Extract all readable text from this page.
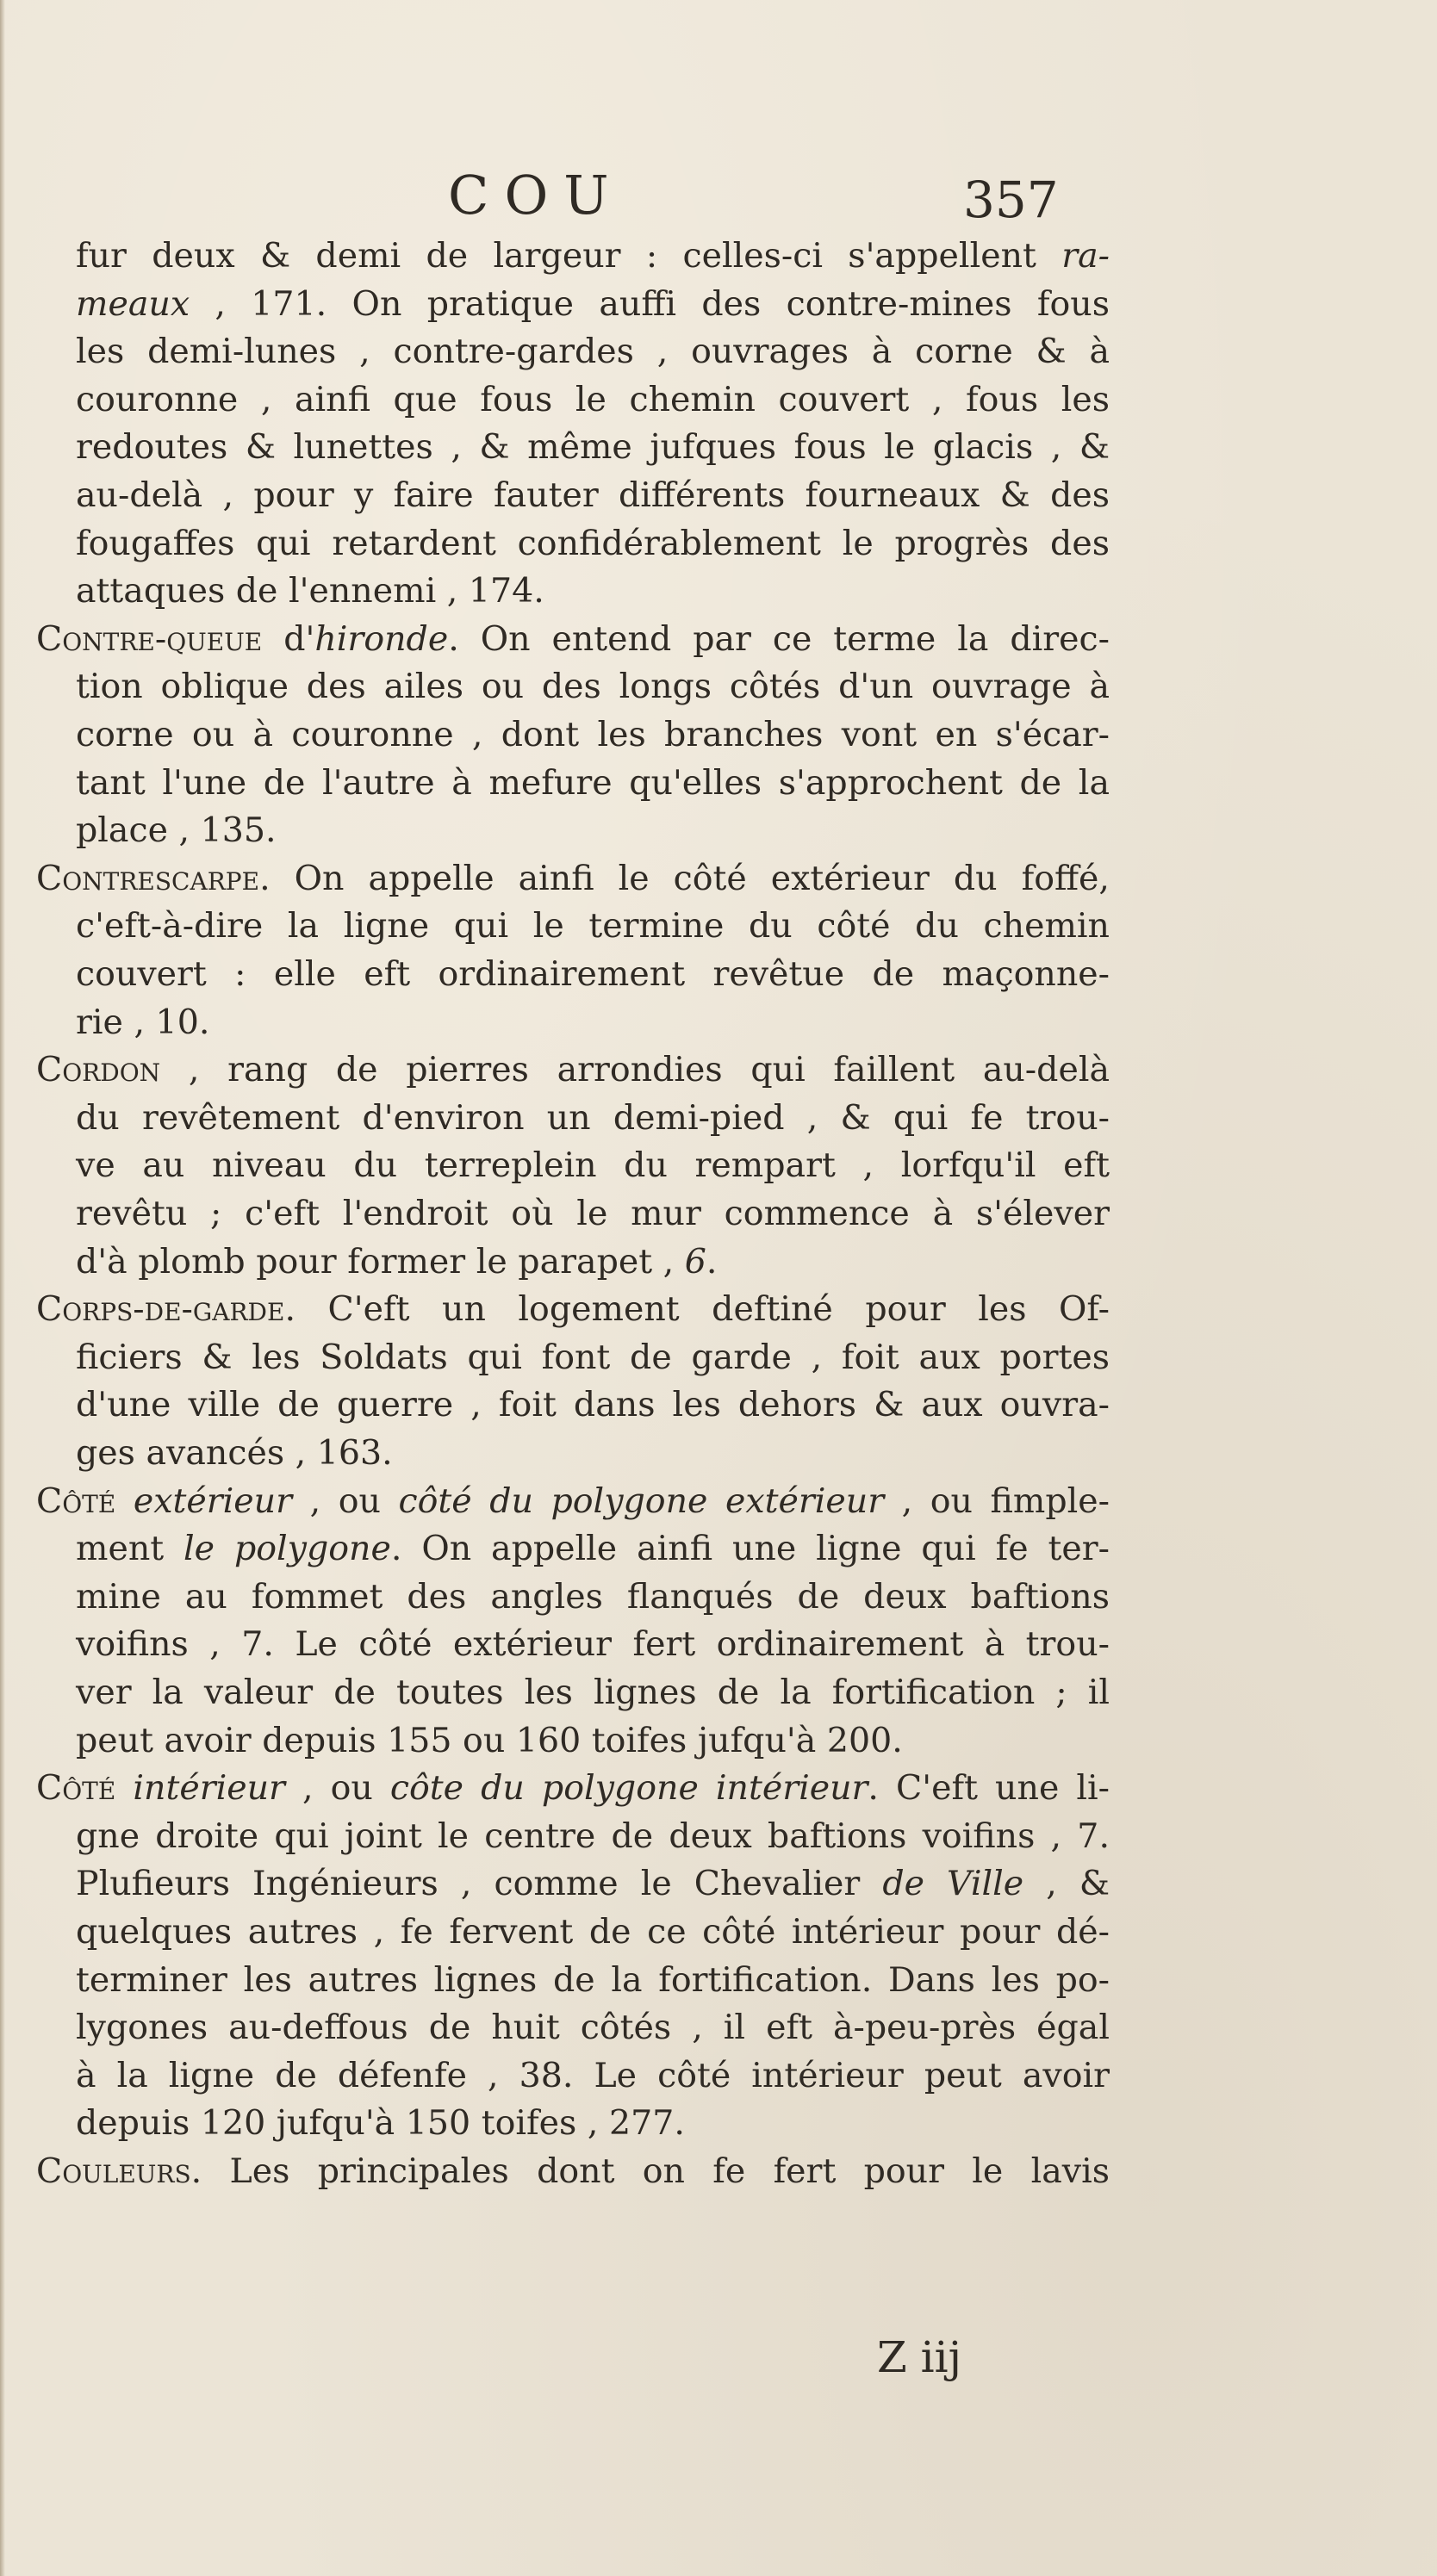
COU	357
fur deux & demi de largeur : celles-ci s'appellent ra-
meaux , 171. On pratique auffi des contre-mines fous
les demi-lunes , contre-gardes , ouvrages à corne & à
couronne , ainfi que fous le chemin couvert , fous les
redoutes & lunettes , & même jufques fous le glacis , &
au-delà , pour y faire fauter différents fourneaux & des
fougaffes qui retardent confidérablement le progrès des
attaques de l'ennemi , 174.
Contre-queue d'hironde. On entend par ce terme la direc-
tion oblique des ailes ou des longs côtés d'un ouvrage à
corne ou à couronne , dont les branches vont en s'écar-
tant l'une de l'autre à mefure qu'elles s'approchent de la
place , 135.
Contrescarpe. On appelle ainfi le côté extérieur du foffé,
c'eft-à-dire la ligne qui le termine du côté du chemin
couvert : elle eft ordinairement revêtue de maçonne-
rie , 10.
Cordon , rang de pierres arrondies qui faillent au-delà
du revêtement d'environ un demi-pied , & qui fe trou-
ve au niveau du terreplein du rempart , lorfqu'il eft
revêtu ; c'eft l'endroit où le mur commence à s'élever
d'à plomb pour former le parapet , 6.
Corps-de-garde. C'eft un logement deftiné pour les Of-
ficiers & les Soldats qui font de garde , foit aux portes
d'une ville de guerre , foit dans les dehors & aux ouvra-
ges avancés , 163.
Côté extérieur , ou côté du polygone extérieur , ou fimple-
ment le polygone. On appelle ainfi une ligne qui fe ter-
mine au fommet des angles flanqués de deux baftions
voifins , 7. Le côté extérieur fert ordinairement à trou-
ver la valeur de toutes les lignes de la fortification ; il
peut avoir depuis 155 ou 160 toifes jufqu'à 200.
Côté intérieur , ou côte du polygone intérieur. C'eft une li-
gne droite qui joint le centre de deux baftions voifins , 7.
Plufieurs Ingénieurs , comme le Chevalier de Ville , &
quelques autres , fe fervent de ce côté intérieur pour dé-
terminer les autres lignes de la fortification. Dans les po-
lygones au-deffous de huit côtés , il eft à-peu-près égal
à la ligne de défenfe , 38. Le côté intérieur peut avoir
depuis 120 jufqu'à 150 toifes , 277.
Couleurs. Les principales dont on fe fert pour le lavis
Z iij
